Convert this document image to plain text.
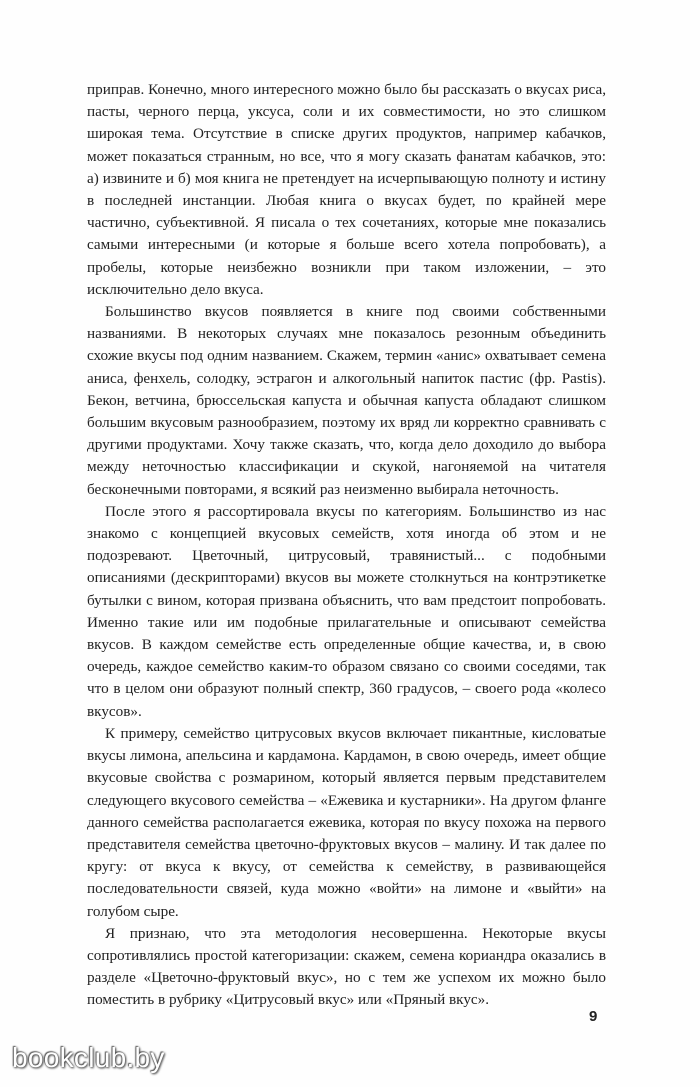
приправ. Конечно, много интересного можно было бы рассказать о вкусах риса, пасты, черного перца, уксуса, соли и их совместимости, но это слишком широкая тема. Отсутствие в списке других продуктов, например кабачков, может показаться странным, но все, что я могу сказать фанатам кабачков, это: а) извините и б) моя книга не претендует на исчерпывающую полноту и истину в последней инстанции. Любая книга о вкусах будет, по крайней мере частично, субъективной. Я писала о тех сочетаниях, которые мне показались самыми интересными (и которые я больше всего хотела попробовать), а пробелы, которые неизбежно возникли при таком изложении, – это исключительно дело вкуса.

Большинство вкусов появляется в книге под своими собственными названиями. В некоторых случаях мне показалось резонным объединить схожие вкусы под одним названием. Скажем, термин «анис» охватывает семена аниса, фенхель, солодку, эстрагон и алкогольный напиток пастис (фр. Pastis). Бекон, ветчина, брюссельская капуста и обычная капуста обладают слишком большим вкусовым разнообразием, поэтому их вряд ли корректно сравнивать с другими продуктами. Хочу также сказать, что, когда дело доходило до выбора между неточностью классификации и скукой, нагоняемой на читателя бесконечными повторами, я всякий раз неизменно выбирала неточность.

После этого я рассортировала вкусы по категориям. Большинство из нас знакомо с концепцией вкусовых семейств, хотя иногда об этом и не подозревают. Цветочный, цитрусовый, травянистый... с подобными описаниями (дескрипторами) вкусов вы можете столкнуться на контрэтикетке бутылки с вином, которая призвана объяснить, что вам предстоит попробовать. Именно такие или им подобные прилагательные и описывают семейства вкусов. В каждом семействе есть определенные общие качества, и, в свою очередь, каждое семейство каким-то образом связано со своими соседями, так что в целом они образуют полный спектр, 360 градусов, – своего рода «колесо вкусов».

К примеру, семейство цитрусовых вкусов включает пикантные, кисловатые вкусы лимона, апельсина и кардамона. Кардамон, в свою очередь, имеет общие вкусовые свойства с розмарином, который является первым представителем следующего вкусового семейства – «Ежевика и кустарники». На другом фланге данного семейства располагается ежевика, которая по вкусу похожа на первого представителя семейства цветочно-фруктовых вкусов – малину. И так далее по кругу: от вкуса к вкусу, от семейства к семейству, в развивающейся последовательности связей, куда можно «войти» на лимоне и «выйти» на голубом сыре.

Я признаю, что эта методология несовершенна. Некоторые вкусы сопротивлялись простой категоризации: скажем, семена кориандра оказались в разделе «Цветочно-фруктовый вкус», но с тем же успехом их можно было поместить в рубрику «Цитрусовый вкус» или «Пряный вкус».

9
bookclub.by
